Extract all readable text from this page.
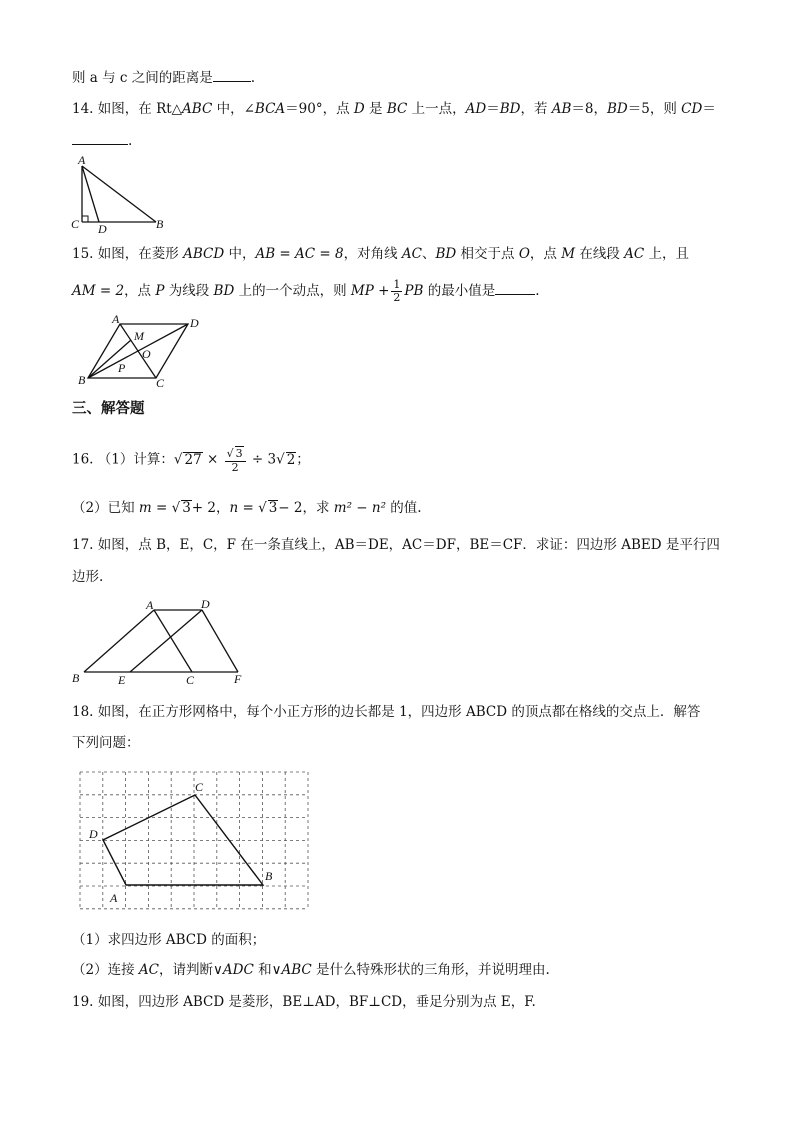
则 a 与 c 之间的距离是	.
14. 如图，在 Rt△ABC 中，∠BCA＝90°，点 D 是 BC 上一点，AD＝BD，若 AB＝8，BD＝5，则 CD＝
.
A
C D	B
15. 如图，在菱形 ABCD 中，AB = AC = 8，对角线 AC、BD 相交于点 O，点 M 在线段 AC 上，且
AM = 2，点 P 为线段 BD 上的一个动点，则 MP + $\frac{1}{2}$ PB 的最小值是	.
A	D
M
O
B
P
C
三、解答题
16. （1）计算：√ $27 \times \frac{√ 3}{2} \div 3√$ 2；
（2）已知 m = √ 3+ 2，n = √ 3− 2，求 m² − n² 的值.
17. 如图，点 B，E，C，F 在一条直线上，AB＝DE，AC＝DF，BE＝CF．求证：四边形 ABED 是平行四
边形.
A	D
B	E	C	F
18. 如图，在正方形网格中，每个小正方形的边长都是 1，四边形 ABCD 的顶点都在格线的交点上．解答
下列问题：
A
B
C
D
（1）求四边形 ABCD 的面积；
（2）连接 AC，请判断∨ADC 和∨ABC 是什么特殊形状的三角形，并说明理由.
19. 如图，四边形 ABCD 是菱形，BE⊥AD，BF⊥CD，垂足分别为点 E，F.
